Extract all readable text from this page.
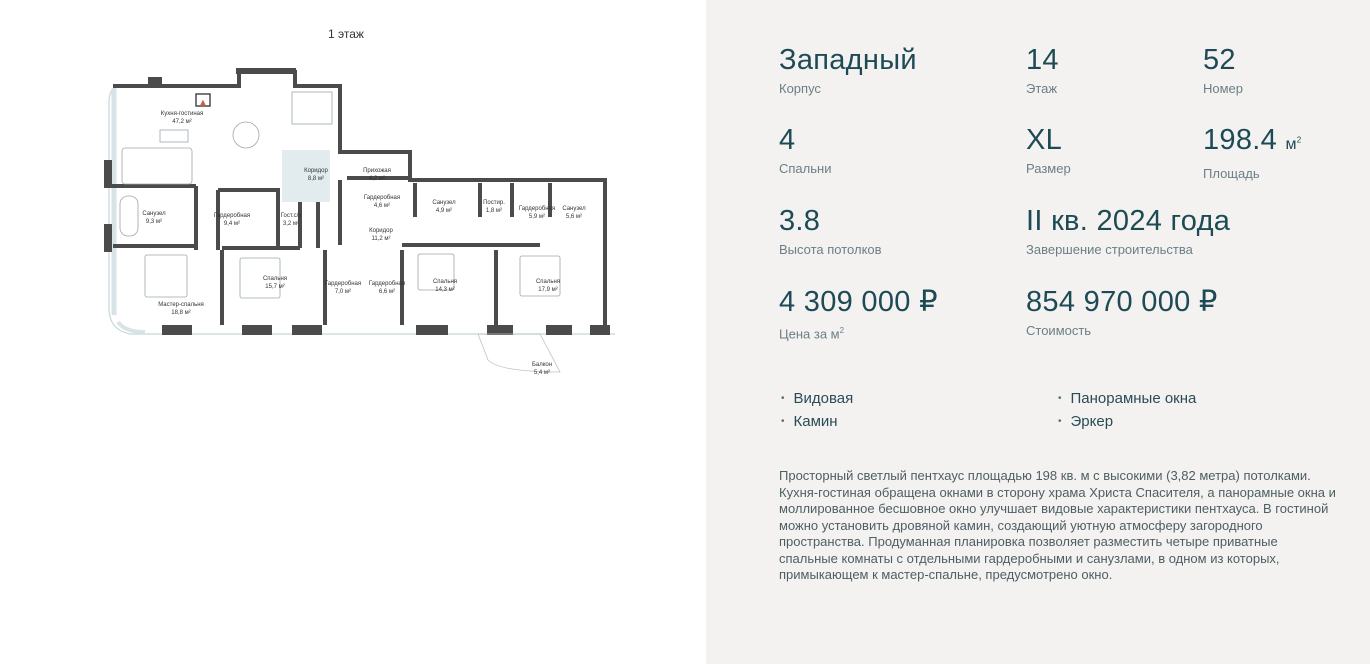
1 этаж
▲
Кухня-гостиная
47,2 м²
Коридор
8,8 м²
Прихожая
4,2 м²
Гардеробная
4,6 м²	Санузел
4,9 м²
Постир.
1,8 м²	Гардеробная
5,9 м²
Санузел
5,6 м²
Санузел
9,3 м²
Гардеробная
9,4 м²
Гост.с/у
3,2 м²
Коридор
11,2 м²
Спальня
15,7 м²	Гардеробная
7,0 м²
Гардеробная
6,6 м²
Спальня
14,3 м²
Спальня
17,9 м²
Мастер-спальня
18,8 м²
Балкон
5,4 м²
Западный
Корпус
14
Этаж
52
Номер
4
Спальни
XL
Размер
198.4 $м^2$
Площадь
3.8
Высота потолков
II кв. 2024 года
Завершение строительства
4 309 000 ₽
Цена за $м^2$
854 970 000 ₽
Стоимость
• Видовая
• Камин
• Панорамные окна
• Эркер
Просторный светлый пентхаус площадью 198 кв. м с высокими (3,82 метра) потолками. Кухня-гостиная обращена окнами в сторону храма Христа Спасителя, а панорамные окна и моллированное бесшовное окно улучшает видовые характеристики пентхауса. В гостиной можно установить дровяной камин, создающий уютную атмосферу загородного пространства. Продуманная планировка позволяет разместить четыре приватные спальные комнаты с отдельными гардеробными и санузлами, в одном из которых, примыкающем к мастер-спальне, предусмотрено окно.
